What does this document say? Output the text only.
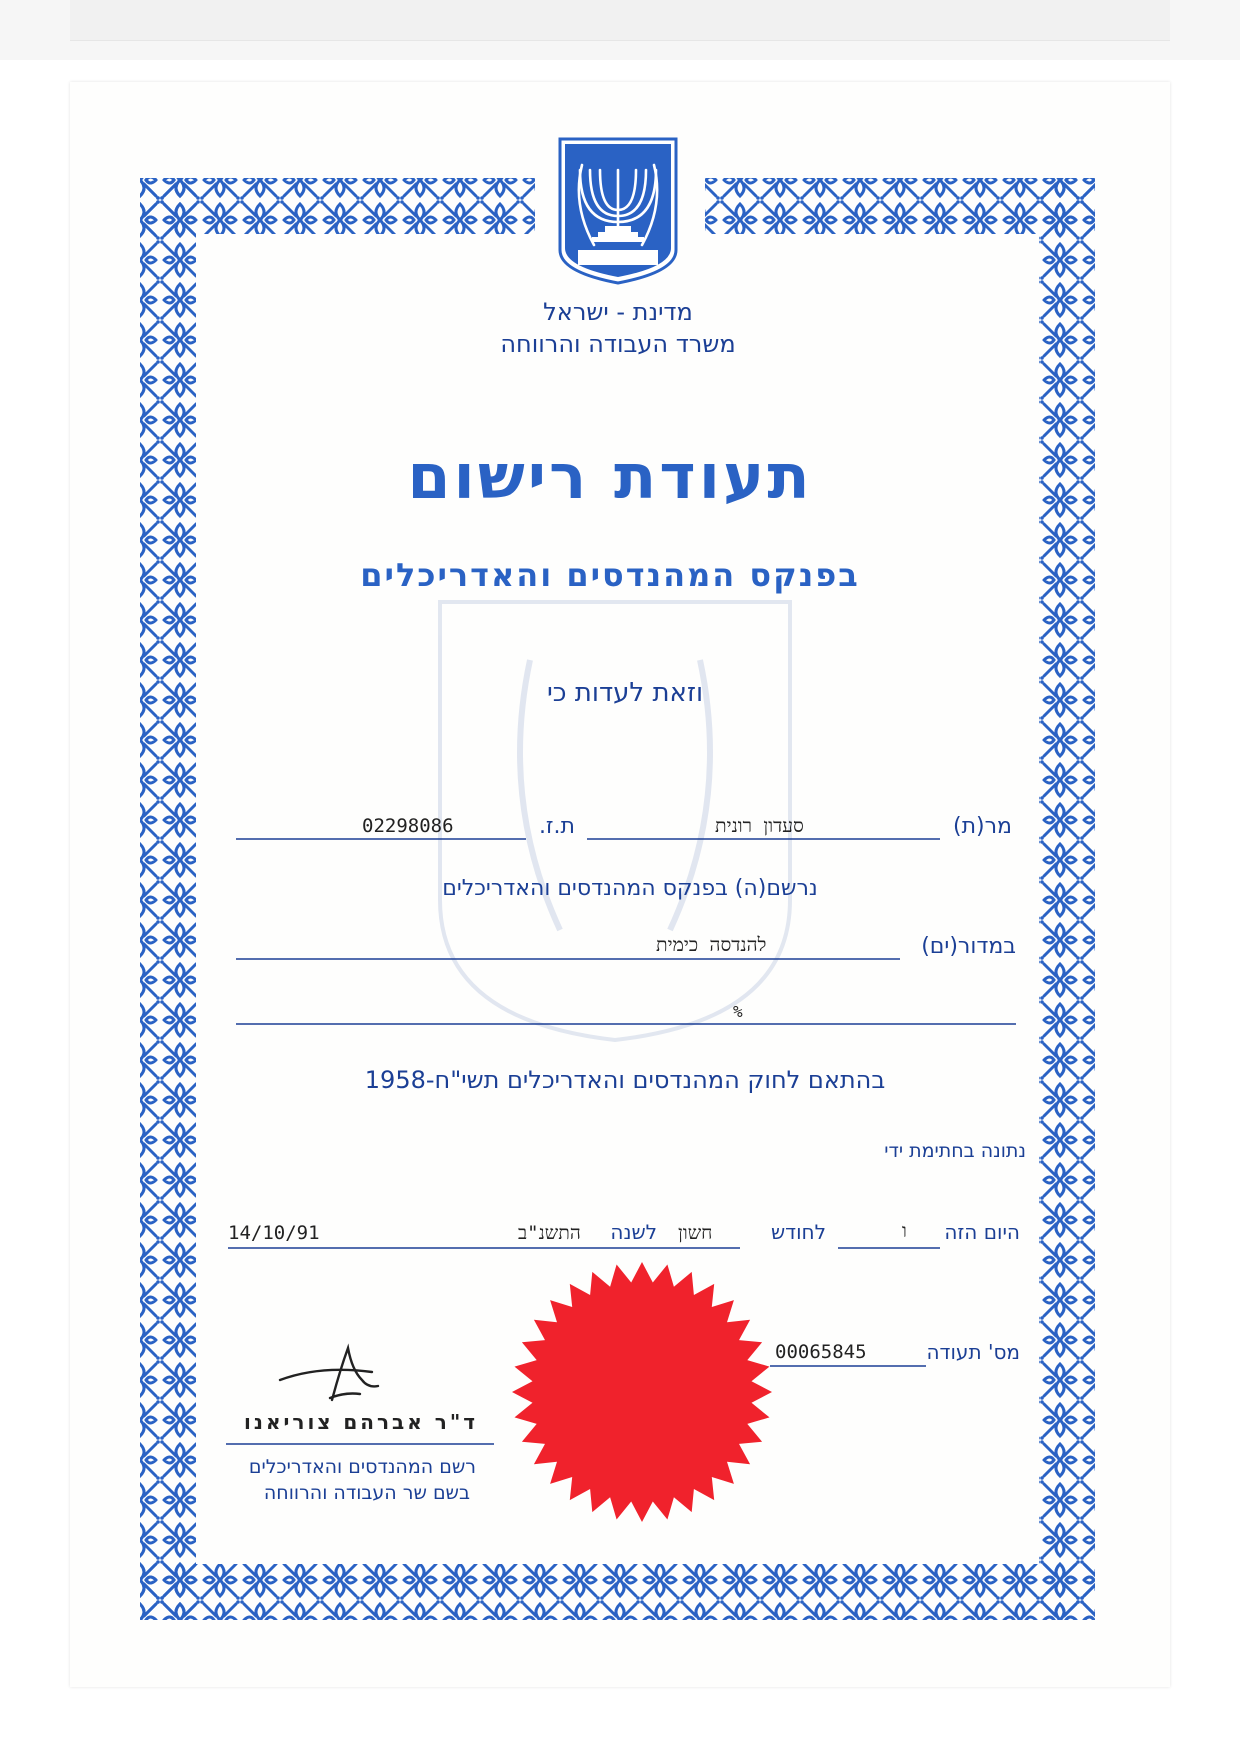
מדינת - ישראל
משרד העבודה והרווחה
ישראל
תעודת רישום
בפנקס המהנדסים והאדריכלים
וזאת לעדות כי
מר(ת)
סעדון רונית
ת.ז.
02298086
נרשם(ה) בפנקס המהנדסים והאדריכלים
במדור(ים)
להנדסה כימית
%
בהתאם לחוק המהנדסים והאדריכלים תשי"ח-1958
נתונה בחתימת ידי
היום הזה
ו
לחודש
חשון
לשנה
התשנ"ב
14/10/91
מס' תעודה
00065845
ד"ר אברהם צוריאנו
רשם המהנדסים והאדריכלים
בשם שר העבודה והרווחה
